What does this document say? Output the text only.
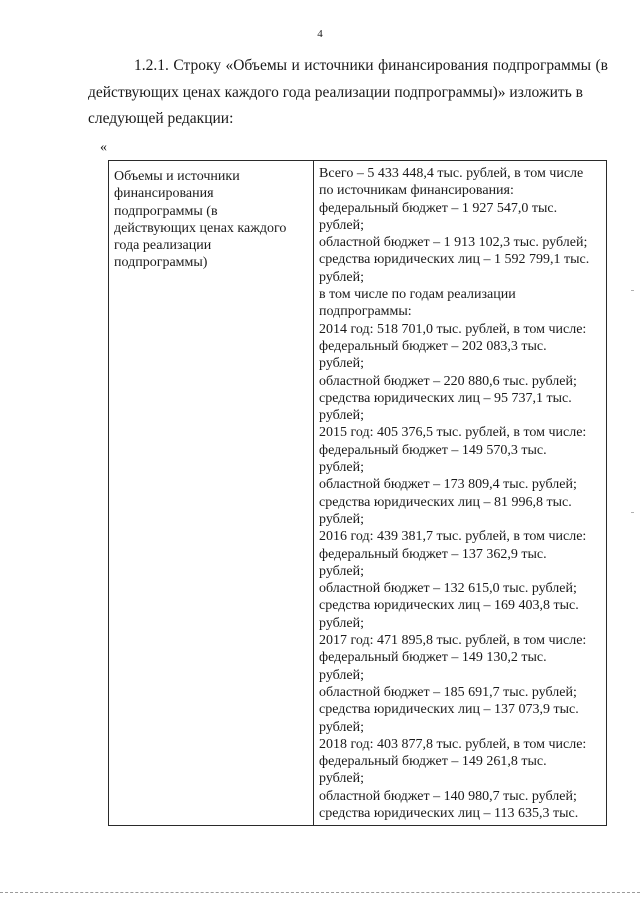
4
1.2.1. Строку «Объемы и источники финансирования подпрограммы (в действующих ценах каждого года реализации подпрограммы)» изложить в
следующей редакции:
«
Объемы и источники
финансирования
подпрограммы (в
действующих ценах каждого
года реализации
подпрограммы)

Всего – 5 433 448,4 тыс. рублей, в том числе
по источникам финансирования:
федеральный бюджет – 1 927 547,0 тыс.
рублей;
областной бюджет – 1 913 102,3 тыс. рублей;
средства юридических лиц – 1 592 799,1 тыс.
рублей;
в том числе по годам реализации
подпрограммы:
2014 год: 518 701,0 тыс. рублей, в том числе:
федеральный бюджет – 202 083,3 тыс.
рублей;
областной бюджет – 220 880,6 тыс. рублей;
средства юридических лиц – 95 737,1 тыс.
рублей;
2015 год: 405 376,5 тыс. рублей, в том числе:
федеральный бюджет – 149 570,3 тыс.
рублей;
областной бюджет – 173 809,4 тыс. рублей;
средства юридических лиц – 81 996,8 тыс.
рублей;
2016 год: 439 381,7 тыс. рублей, в том числе:
федеральный бюджет – 137 362,9 тыс.
рублей;
областной бюджет – 132 615,0 тыс. рублей;
средства юридических лиц – 169 403,8 тыс.
рублей;
2017 год: 471 895,8 тыс. рублей, в том числе:
федеральный бюджет – 149 130,2 тыс.
рублей;
областной бюджет – 185 691,7 тыс. рублей;
средства юридических лиц – 137 073,9 тыс.
рублей;
2018 год: 403 877,8 тыс. рублей, в том числе:
федеральный бюджет – 149 261,8 тыс.
рублей;
областной бюджет – 140 980,7 тыс. рублей;
средства юридических лиц – 113 635,3 тыс.
